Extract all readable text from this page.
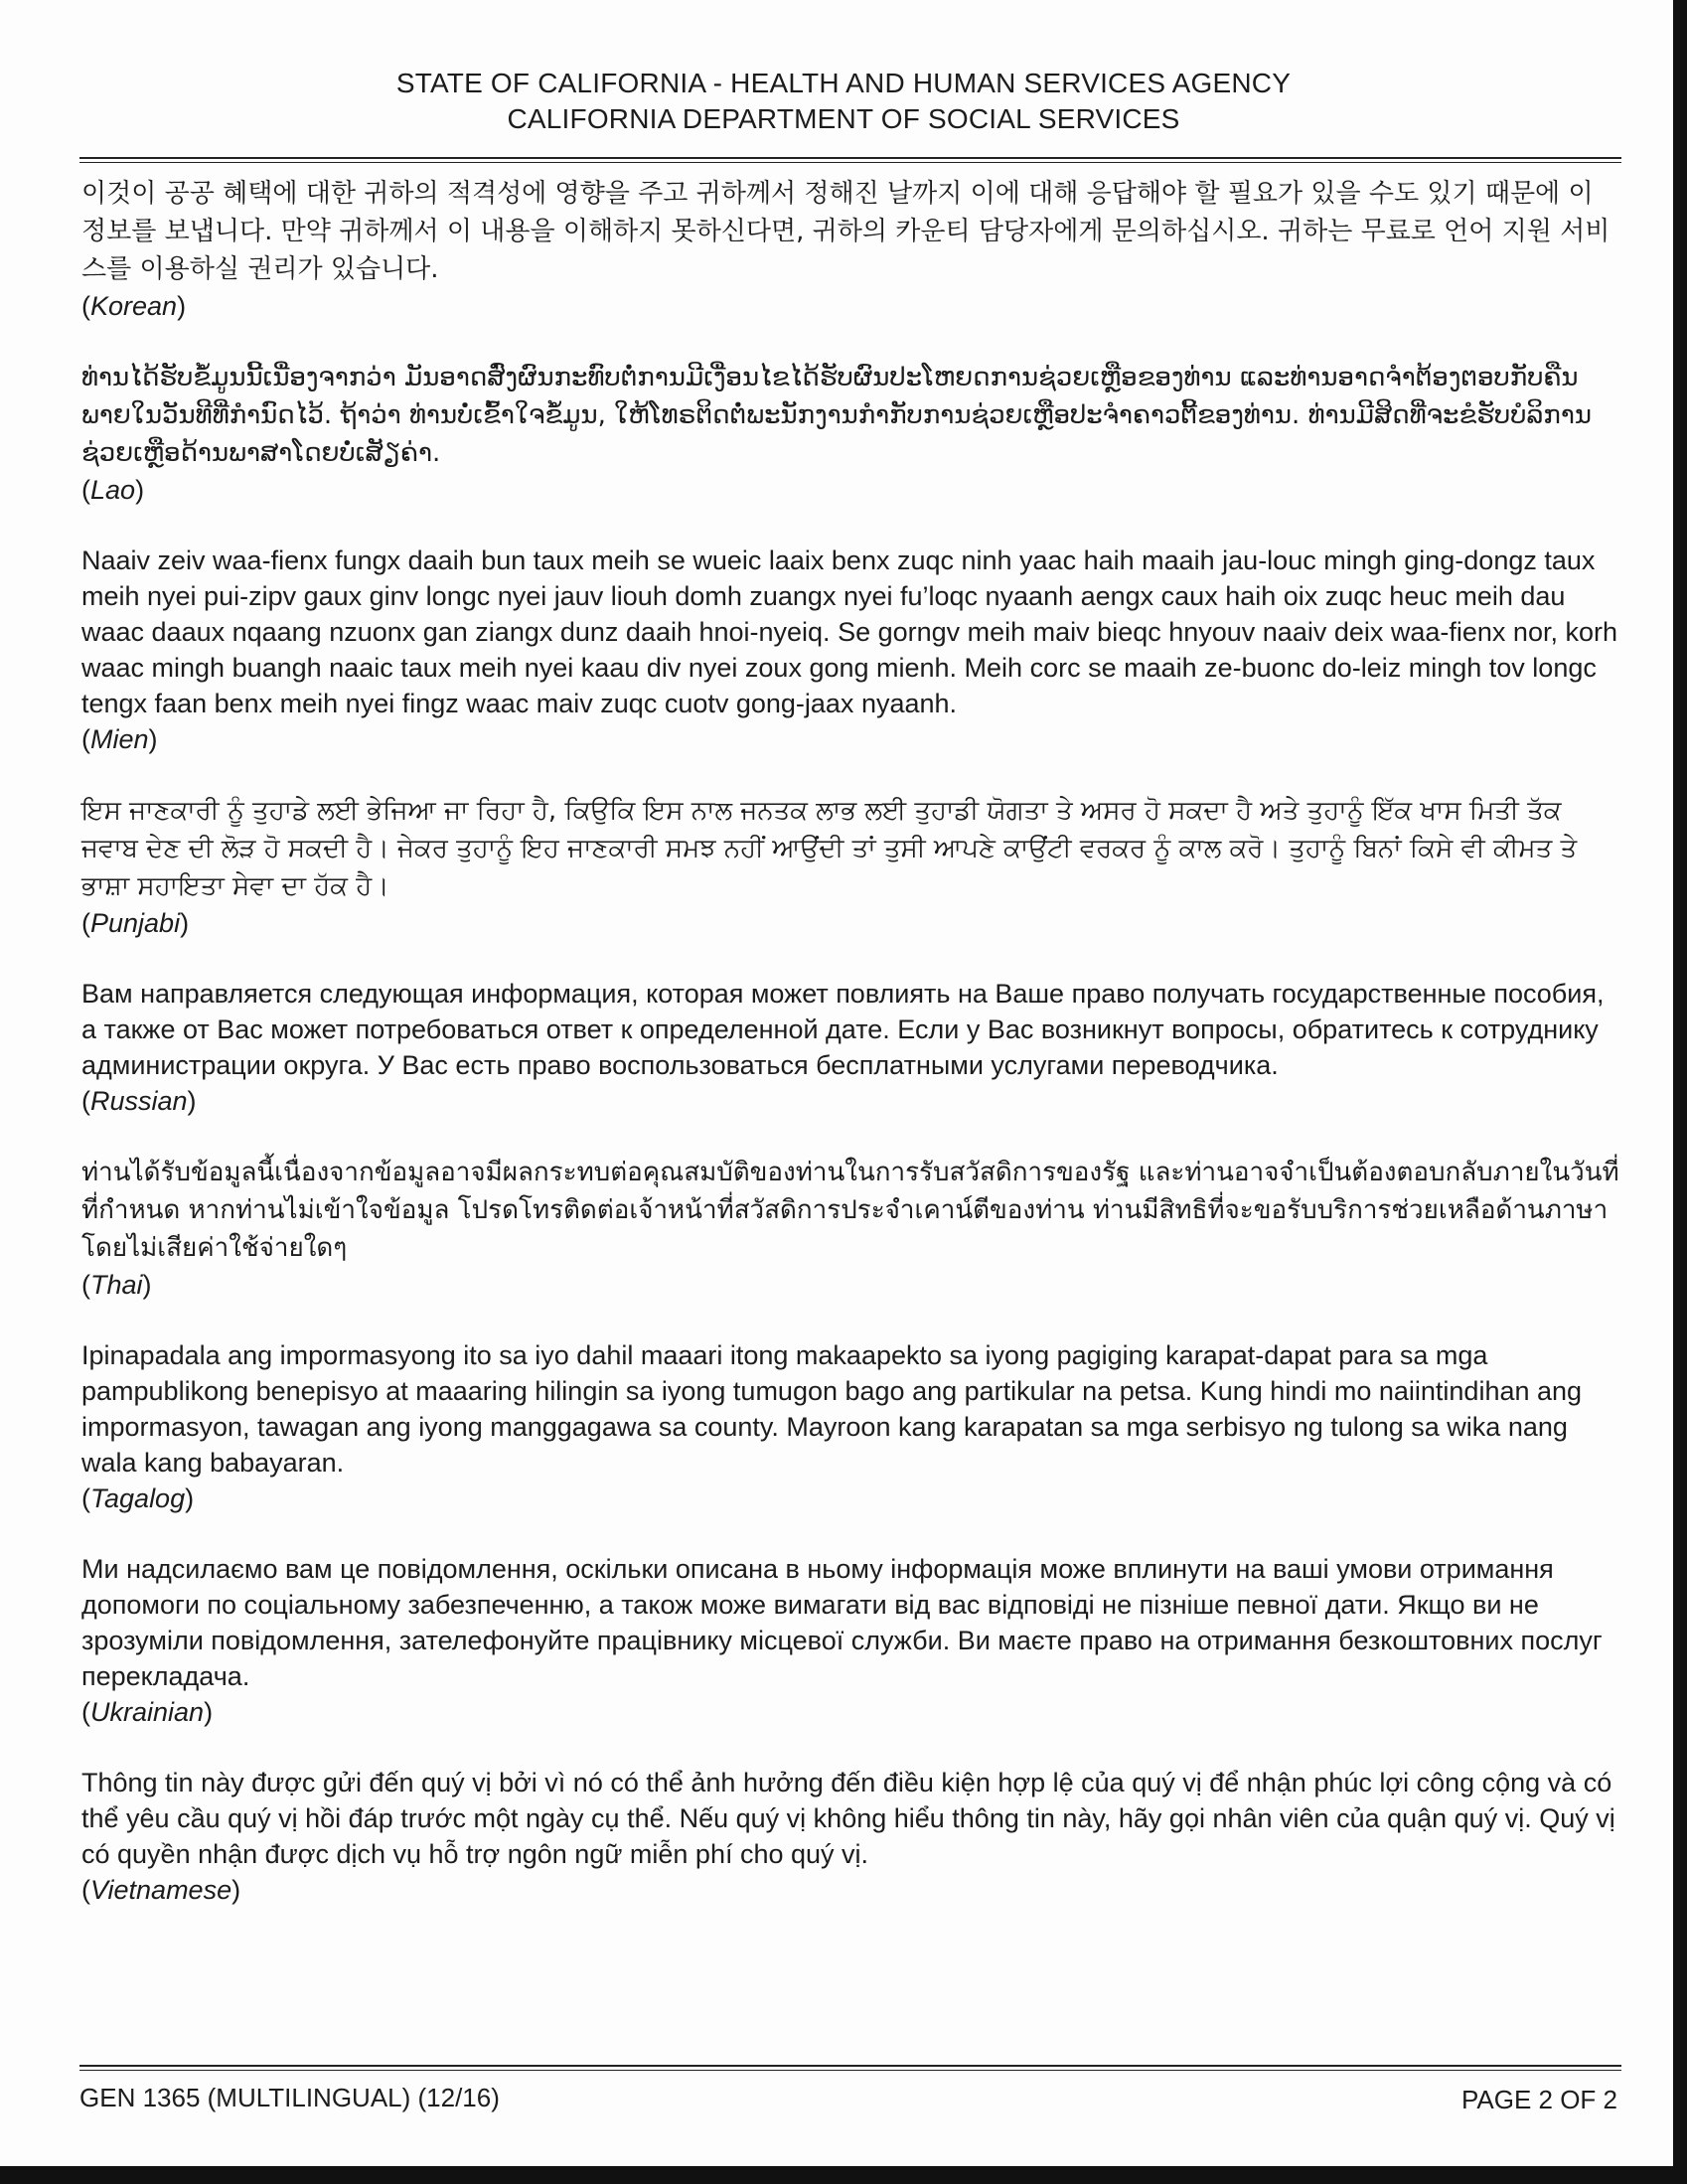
STATE OF CALIFORNIA - HEALTH AND HUMAN SERVICES AGENCY
CALIFORNIA DEPARTMENT OF SOCIAL SERVICES

이것이 공공 혜택에 대한 귀하의 적격성에 영향을 주고 귀하께서 정해진 날까지 이에 대해 응답해야 할 필요가 있을 수도 있기 때문에 이 정보를 보냅니다. 만약 귀하께서 이 내용을 이해하지 못하신다면, 귀하의 카운티 담당자에게 문의하십시오. 귀하는 무료로 언어 지원 서비스를 이용하실 권리가 있습니다.

(Korean)

ທ່ານໄດ້ຮັບຂໍ້ມູນນີ້ເນື່ອງຈາກວ່າ ມັນອາດສົ່ງຜົນກະທົບຕໍ່ການມີເງື່ອນໄຂໄດ້ຮັບຜົນປະໂຫຍດການຊ່ວຍເຫຼືອຂອງທ່ານ ແລະທ່ານອາດຈໍາຕ້ອງຕອບກັບຄືນພາຍໃນວັນທີທີ່ກໍານົດໄວ້. ຖ້າວ່າ ທ່ານບໍ່ເຂົ້າໃຈຂໍ້ມູນ, ໃຫ້ໂທຣຕິດຕໍ່ພະນັກງານກໍາກັບການຊ່ວຍເຫຼືອປະຈໍາຄາວຕີ້ຂອງທ່ານ. ທ່ານມີສິດທີ່ຈະຂໍຮັບບໍລິການຊ່ວຍເຫຼືອດ້ານພາສາໂດຍບໍ່ເສັຽຄ່າ.

(Lao)

Naaiv zeiv waa-fienx fungx daaih bun taux meih se wueic laaix benx zuqc ninh yaac haih maaih jau-louc mingh ging-dongz taux meih nyei pui-zipv gaux ginv longc nyei jauv liouh domh zuangx nyei fu’loqc nyaanh aengx caux haih oix zuqc heuc meih dau waac daaux nqaang nzuonx gan ziangx dunz daaih hnoi-nyeiq. Se gorngv meih maiv bieqc hnyouv naaiv deix waa-fienx nor, korh waac mingh buangh naaic taux meih nyei kaau div nyei zoux gong mienh. Meih corc se maaih ze-buonc do-leiz mingh tov longc tengx faan benx meih nyei fingz waac maiv zuqc cuotv gong-jaax nyaanh.

(Mien)

ਇਸ ਜਾਣਕਾਰੀ ਨੂੰ ਤੁਹਾਡੇ ਲਈ ਭੇਜਿਆ ਜਾ ਰਿਹਾ ਹੈ, ਕਿਉਕਿ ਇਸ ਨਾਲ ਜਨਤਕ ਲਾਭ ਲਈ ਤੁਹਾਡੀ ਯੋਗਤਾ ਤੇ ਅਸਰ ਹੋ ਸਕਦਾ ਹੈ ਅਤੇ ਤੁਹਾਨੂੰ ਇੱਕ ਖਾਸ ਮਿਤੀ ਤੱਕ ਜਵਾਬ ਦੇਣ ਦੀ ਲੋੜ ਹੋ ਸਕਦੀ ਹੈ। ਜੇਕਰ ਤੁਹਾਨੂੰ ਇਹ ਜਾਣਕਾਰੀ ਸਮਝ ਨਹੀਂ ਆਉਂਦੀ ਤਾਂ ਤੁਸੀ ਆਪਣੇ ਕਾਉਂਟੀ ਵਰਕਰ ਨੂੰ ਕਾਲ ਕਰੋ। ਤੁਹਾਨੂੰ ਬਿਨਾਂ ਕਿਸੇ ਵੀ ਕੀਮਤ ਤੇ ਭਾਸ਼ਾ ਸਹਾਇਤਾ ਸੇਵਾ ਦਾ ਹੱਕ ਹੈ।

(Punjabi)

Вам направляется следующая информация, которая может повлиять на Ваше право получать государственные пособия, а также от Вас может потребоваться ответ к определенной дате. Если у Вас возникнут вопросы, обратитесь к сотруднику администрации округа. У Вас есть право воспользоваться бесплатными услугами переводчика.

(Russian)

ท่านได้รับข้อมูลนี้เนื่องจากข้อมูลอาจมีผลกระทบต่อคุณสมบัติของท่านในการรับสวัสดิการของรัฐ และท่านอาจจำเป็นต้องตอบกลับภายในวันที่ที่กำหนด หากท่านไม่เข้าใจข้อมูล โปรดโทรติดต่อเจ้าหน้าที่สวัสดิการประจำเคาน์ตีของท่าน ท่านมีสิทธิที่จะขอรับบริการช่วยเหลือด้านภาษาโดยไม่เสียค่าใช้จ่ายใดๆ

(Thai)

Ipinapadala ang impormasyong ito sa iyo dahil maaari itong makaapekto sa iyong pagiging karapat-dapat para sa mga pampublikong benepisyo at maaaring hilingin sa iyong tumugon bago ang partikular na petsa. Kung hindi mo naiintindihan ang impormasyon, tawagan ang iyong manggagawa sa county. Mayroon kang karapatan sa mga serbisyo ng tulong sa wika nang wala kang babayaran.

(Tagalog)

Ми надсилаємо вам це повідомлення, оскільки описана в ньому інформація може вплинути на ваші умови отримання допомоги по соціальному забезпеченню, а також може вимагати від вас відповіді не пізніше певної дати. Якщо ви не зрозуміли повідомлення, зателефонуйте працівнику місцевої служби. Ви маєте право на отримання безкоштовних послуг перекладача.

(Ukrainian)

Thông tin này được gửi đến quý vị bởi vì nó có thể ảnh hưởng đến điều kiện hợp lệ của quý vị để nhận phúc lợi công cộng và có thể yêu cầu quý vị hồi đáp trước một ngày cụ thể. Nếu quý vị không hiểu thông tin này, hãy gọi nhân viên của quận quý vị. Quý vị có quyền nhận được dịch vụ hỗ trợ ngôn ngữ miễn phí cho quý vị.

(Vietnamese)

GEN 1365 (MULTILINGUAL) (12/16)	PAGE 2 OF 2
